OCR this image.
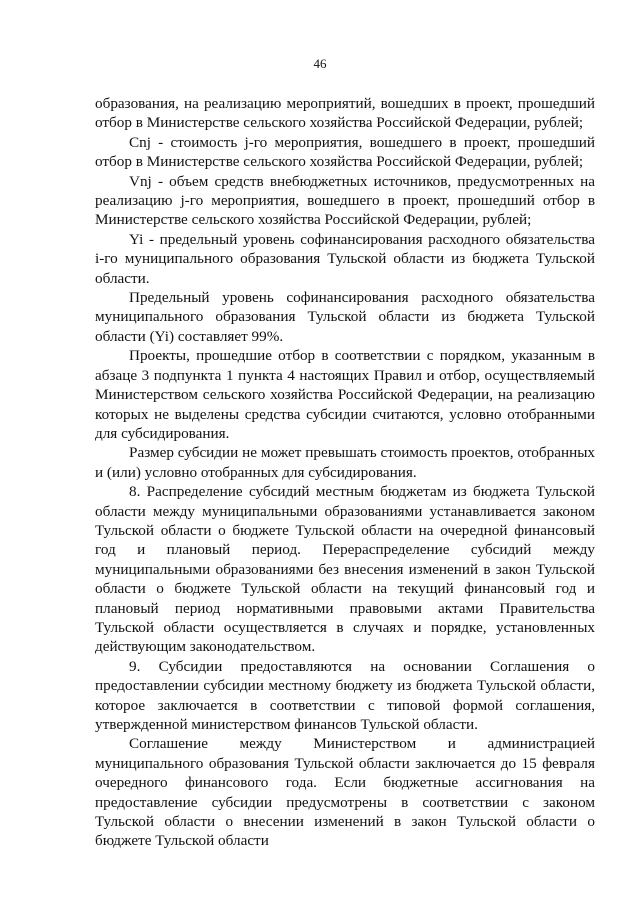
46

образования, на реализацию мероприятий, вошедших в проект, прошедший отбор в Министерстве сельского хозяйства Российской Федерации, рублей;

Cnj - стоимость j-го мероприятия, вошедшего в проект, прошедший отбор в Министерстве сельского хозяйства Российской Федерации, рублей;

Vnj - объем средств внебюджетных источников, предусмотренных на реализацию j-го мероприятия, вошедшего в проект, прошедший отбор в Министерстве сельского хозяйства Российской Федерации, рублей;

Yi - предельный уровень софинансирования расходного обязательства i-го муниципального образования Тульской области из бюджета Тульской области.

Предельный уровень софинансирования расходного обязательства муниципального образования Тульской области из бюджета Тульской области (Yi) составляет 99%.

Проекты, прошедшие отбор в соответствии с порядком, указанным в абзаце 3 подпункта 1 пункта 4 настоящих Правил и отбор, осуществляемый Министерством сельского хозяйства Российской Федерации, на реализацию которых не выделены средства субсидии считаются, условно отобранными для субсидирования.

Размер субсидии не может превышать стоимость проектов, отобранных и (или) условно отобранных для субсидирования.

8. Распределение субсидий местным бюджетам из бюджета Тульской области между муниципальными образованиями устанавливается законом Тульской области о бюджете Тульской области на очередной финансовый год и плановый период. Перераспределение субсидий между муниципальными образованиями без внесения изменений в закон Тульской области о бюджете Тульской области на текущий финансовый год и плановый период нормативными правовыми актами Правительства Тульской области осуществляется в случаях и порядке, установленных действующим законодательством.

9. Субсидии предоставляются на основании Соглашения о предоставлении субсидии местному бюджету из бюджета Тульской области, которое заключается в соответствии с типовой формой соглашения, утвержденной министерством финансов Тульской области.

Соглашение между Министерством и администрацией муниципального образования Тульской области заключается до 15 февраля очередного финансового года. Если бюджетные ассигнования на предоставление субсидии предусмотрены в соответствии с законом Тульской области о внесении изменений в закон Тульской области о бюджете Тульской области
